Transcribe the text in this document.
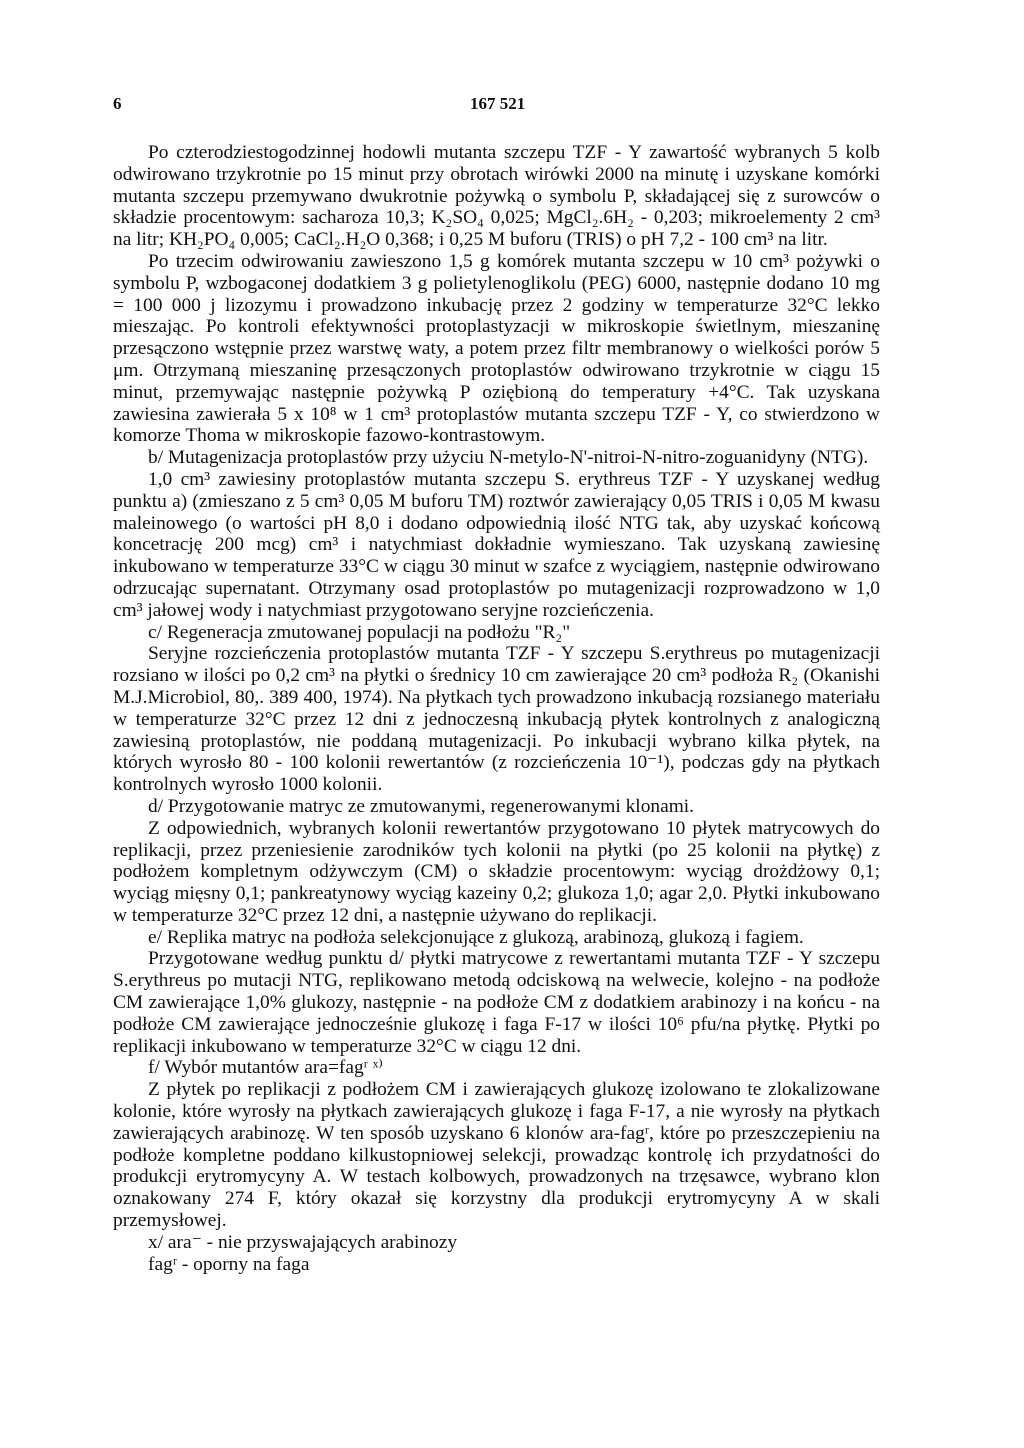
6	167 521

Po czterodziestogodzinnej hodowli mutanta szczepu TZF - Y zawartość wybranych 5 kolb odwirowano trzykrotnie po 15 minut przy obrotach wirówki 2000 na minutę i uzyskane komórki mutanta szczepu przemywano dwukrotnie pożywką o symbolu P, składającej się z surowców o składzie procentowym: sacharoza 10,3; K₂SO₄ 0,025; MgCl₂.6H₂ - 0,203; mikroelementy 2 cm³ na litr; KH₂PO₄ 0,005; CaCl₂.H₂O 0,368; i 0,25 M buforu (TRIS) o pH 7,2 - 100 cm³ na litr.

Po trzecim odwirowaniu zawieszono 1,5 g komórek mutanta szczepu w 10 cm³ pożywki o symbolu P, wzbogaconej dodatkiem 3 g polietylenoglikolu (PEG) 6000, następnie dodano 10 mg = 100 000 j lizozymu i prowadzono inkubację przez 2 godziny w temperaturze 32°C lekko mieszając. Po kontroli efektywności protoplastyzacji w mikroskopie świetlnym, mieszaninę przesączono wstępnie przez warstwę waty, a potem przez filtr membranowy o wielkości porów 5 μm. Otrzymaną mieszaninę przesączonych protoplastów odwirowano trzykrotnie w ciągu 15 minut, przemywając następnie pożywką P oziębioną do temperatury +4°C. Tak uzyskana zawiesina zawierała 5 x 10⁸ w 1 cm³ protoplastów mutanta szczepu TZF - Y, co stwierdzono w komorze Thoma w mikroskopie fazowo-kontrastowym.

b/ Mutagenizacja protoplastów przy użyciu N-metylo-N'-nitroi-N-nitro-zoguanidyny (NTG).

1,0 cm³ zawiesiny protoplastów mutanta szczepu S. erythreus TZF - Y uzyskanej według punktu a) (zmieszano z 5 cm³ 0,05 M buforu TM) roztwór zawierający 0,05 TRIS i 0,05 M kwasu maleinowego (o wartości pH 8,0 i dodano odpowiednią ilość NTG tak, aby uzyskać końcową koncetrację 200 mcg) cm³ i natychmiast dokładnie wymieszano. Tak uzyskaną zawiesinę inkubowano w temperaturze 33°C w ciągu 30 minut w szafce z wyciągiem, następnie odwirowano odrzucając supernatant. Otrzymany osad protoplastów po mutagenizacji rozprowadzono w 1,0 cm³ jałowej wody i natychmiast przygotowano seryjne rozcieńczenia.

c/ Regeneracja zmutowanej populacji na podłożu "R₂"

Seryjne rozcieńczenia protoplastów mutanta TZF - Y szczepu S.erythreus po mutagenizacji rozsiano w ilości po 0,2 cm³ na płytki o średnicy 10 cm zawierające 20 cm³ podłoża R₂ (Okanishi M.J.Microbiol, 80,. 389 400, 1974). Na płytkach tych prowadzono inkubacją rozsianego materiału w temperaturze 32°C przez 12 dni z jednoczesną inkubacją płytek kontrolnych z analogiczną zawiesiną protoplastów, nie poddaną mutagenizacji. Po inkubacji wybrano kilka płytek, na których wyrosło 80 - 100 kolonii rewertantów (z rozcieńczenia 10⁻¹), podczas gdy na płytkach kontrolnych wyrosło 1000 kolonii.

d/ Przygotowanie matryc ze zmutowanymi, regenerowanymi klonami.

Z odpowiednich, wybranych kolonii rewertantów przygotowano 10 płytek matrycowych do replikacji, przez przeniesienie zarodników tych kolonii na płytki (po 25 kolonii na płytkę) z podłożem kompletnym odżywczym (CM) o składzie procentowym: wyciąg drożdżowy 0,1; wyciąg mięsny 0,1; pankreatynowy wyciąg kazeiny 0,2; glukoza 1,0; agar 2,0. Płytki inkubowano w temperaturze 32°C przez 12 dni, a następnie używano do replikacji.

e/ Replika matryc na podłoża selekcjonujące z glukozą, arabinozą, glukozą i fagiem.

Przygotowane według punktu d/ płytki matrycowe z rewertantami mutanta TZF - Y szczepu S.erythreus po mutacji NTG, replikowano metodą odciskową na welwecie, kolejno - na podłoże CM zawierające 1,0% glukozy, następnie - na podłoże CM z dodatkiem arabinozy i na końcu - na podłoże CM zawierające jednocześnie glukozę i faga F-17 w ilości 10⁶ pfu/na płytkę. Płytki po replikacji inkubowano w temperaturze 32°C w ciągu 12 dni.

f/ Wybór mutantów ara=fagʳ ˣ⁾

Z płytek po replikacji z podłożem CM i zawierających glukozę izolowano te zlokalizowane kolonie, które wyrosły na płytkach zawierających glukozę i faga F-17, a nie wyrosły na płytkach zawierających arabinozę. W ten sposób uzyskano 6 klonów ara-fagʳ, które po przeszczepieniu na podłoże kompletne poddano kilkustopniowej selekcji, prowadząc kontrolę ich przydatności do produkcji erytromycyny A. W testach kolbowych, prowadzonych na trzęsawce, wybrano klon oznakowany 274 F, który okazał się korzystny dla produkcji erytromycyny A w skali przemysłowej.

x/ ara⁻ - nie przyswajających arabinozy

fagʳ - oporny na faga
